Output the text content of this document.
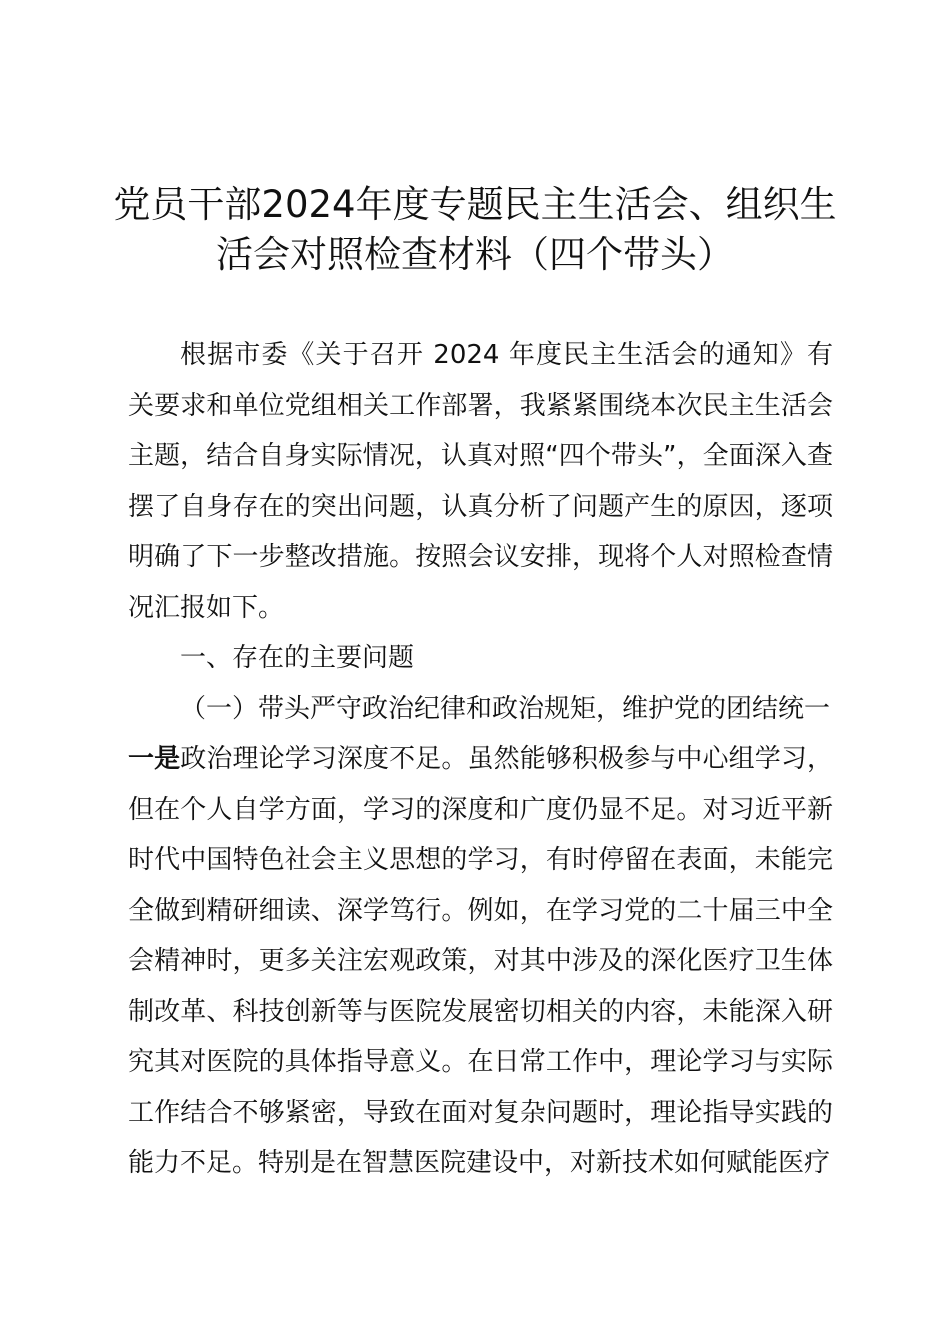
党员干部2024年度专题民主生活会、组织生
活会对照检查材料（四个带头）

根据市委《关于召开 2024 年度民主生活会的通知》有关要求和单位党组相关工作部署，我紧紧围绕本次民主生活会主题，结合自身实际情况，认真对照“四个带头”，全面深入查摆了自身存在的突出问题，认真分析了问题产生的原因，逐项明确了下一步整改措施。按照会议安排，现将个人对照检查情况汇报如下。

一、存在的主要问题

（一）带头严守政治纪律和政治规矩，维护党的团结统一

一是政治理论学习深度不足。虽然能够积极参与中心组学习，但在个人自学方面，学习的深度和广度仍显不足。对习近平新时代中国特色社会主义思想的学习，有时停留在表面，未能完全做到精研细读、深学笃行。例如，在学习党的二十届三中全会精神时，更多关注宏观政策，对其中涉及的深化医疗卫生体制改革、科技创新等与医院发展密切相关的内容，未能深入研究其对医院的具体指导意义。在日常工作中，理论学习与实际工作结合不够紧密，导致在面对复杂问题时，理论指导实践的能力不足。特别是在智慧医院建设中，对新技术如何赋能医疗
